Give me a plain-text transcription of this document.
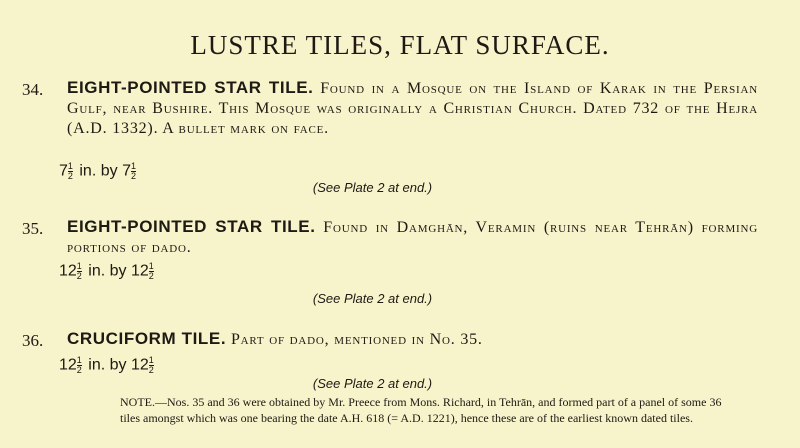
LUSTRE TILES, FLAT SURFACE.
34. EIGHT-POINTED STAR TILE. Found in a Mosque on the Island of Karak in the Persian Gulf, near Bushire. This Mosque was originally a Christian Church. Dated 732 of the Hejra (A.D. 1332). A bullet mark on face.
$7 \frac{1}{2}$ in. by $7 \frac{1}{2}$
(See Plate 2 at end.)
35. EIGHT-POINTED STAR TILE. Found in Damghān, Veramin (ruins near Tehrān) forming portions of dado.
$12 \frac{1}{2}$ in. by $12 \frac{1}{2}$
(See Plate 2 at end.)
36. CRUCIFORM TILE. Part of dado, mentioned in No. 35.
$12 \frac{1}{2}$ in. by $12 \frac{1}{2}$
(See Plate 2 at end.)
NOTE.—Nos. 35 and 36 were obtained by Mr. Preece from Mons. Richard, in Tehrān, and formed part of a panel of some 36 tiles amongst which was one bearing the date A.H. 618 (= A.D. 1221), hence these are of the earliest known dated tiles.
